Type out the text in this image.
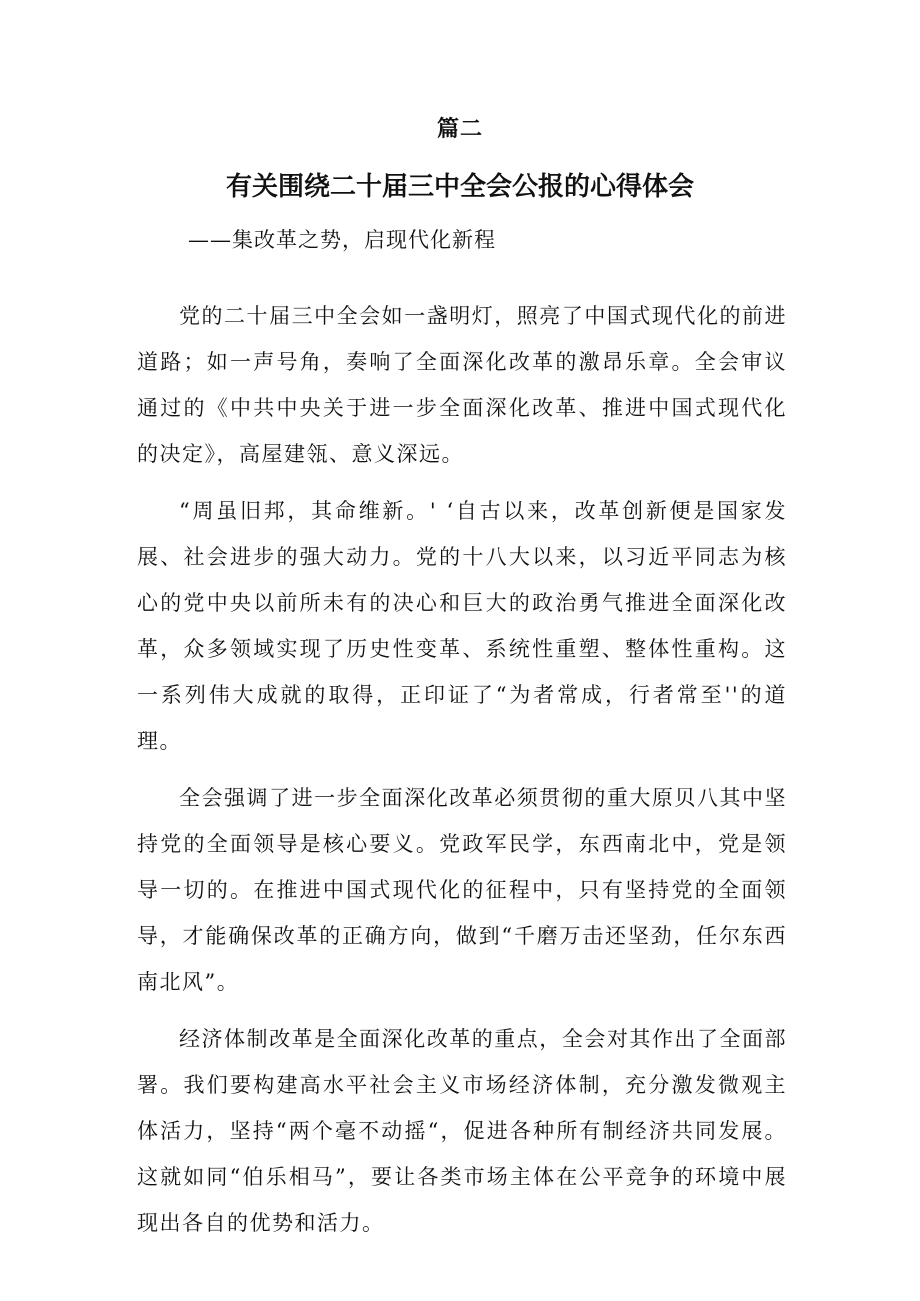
篇二
有关围绕二十届三中全会公报的心得体会
——集改革之势，启现代化新程

党的二十届三中全会如一盏明灯，照亮了中国式现代化的前进道路；如一声号角，奏响了全面深化改革的激昂乐章。全会审议通过的《中共中央关于进一步全面深化改革、推进中国式现代化的决定》，高屋建瓴、意义深远。

“周虽旧邦，其命维新。' ‘自古以来，改革创新便是国家发展、社会进步的强大动力。党的十八大以来，以习近平同志为核心的党中央以前所未有的决心和巨大的政治勇气推进全面深化改革，众多领域实现了历史性变革、系统性重塑、整体性重构。这一系列伟大成就的取得，正印证了“为者常成，行者常至''的道理。

全会强调了进一步全面深化改革必须贯彻的重大原贝八其中坚持党的全面领导是核心要义。党政军民学，东西南北中，党是领导一切的。在推进中国式现代化的征程中，只有坚持党的全面领导，才能确保改革的正确方向，做到“千磨万击还坚劲，任尔东西南北风”。

经济体制改革是全面深化改革的重点，全会对其作出了全面部署。我们要构建高水平社会主义市场经济体制，充分激发微观主体活力，坚持“两个毫不动摇“，促进各种所有制经济共同发展。这就如同“伯乐相马”，要让各类市场主体在公平竞争的环境中展现出各自的优势和活力。
